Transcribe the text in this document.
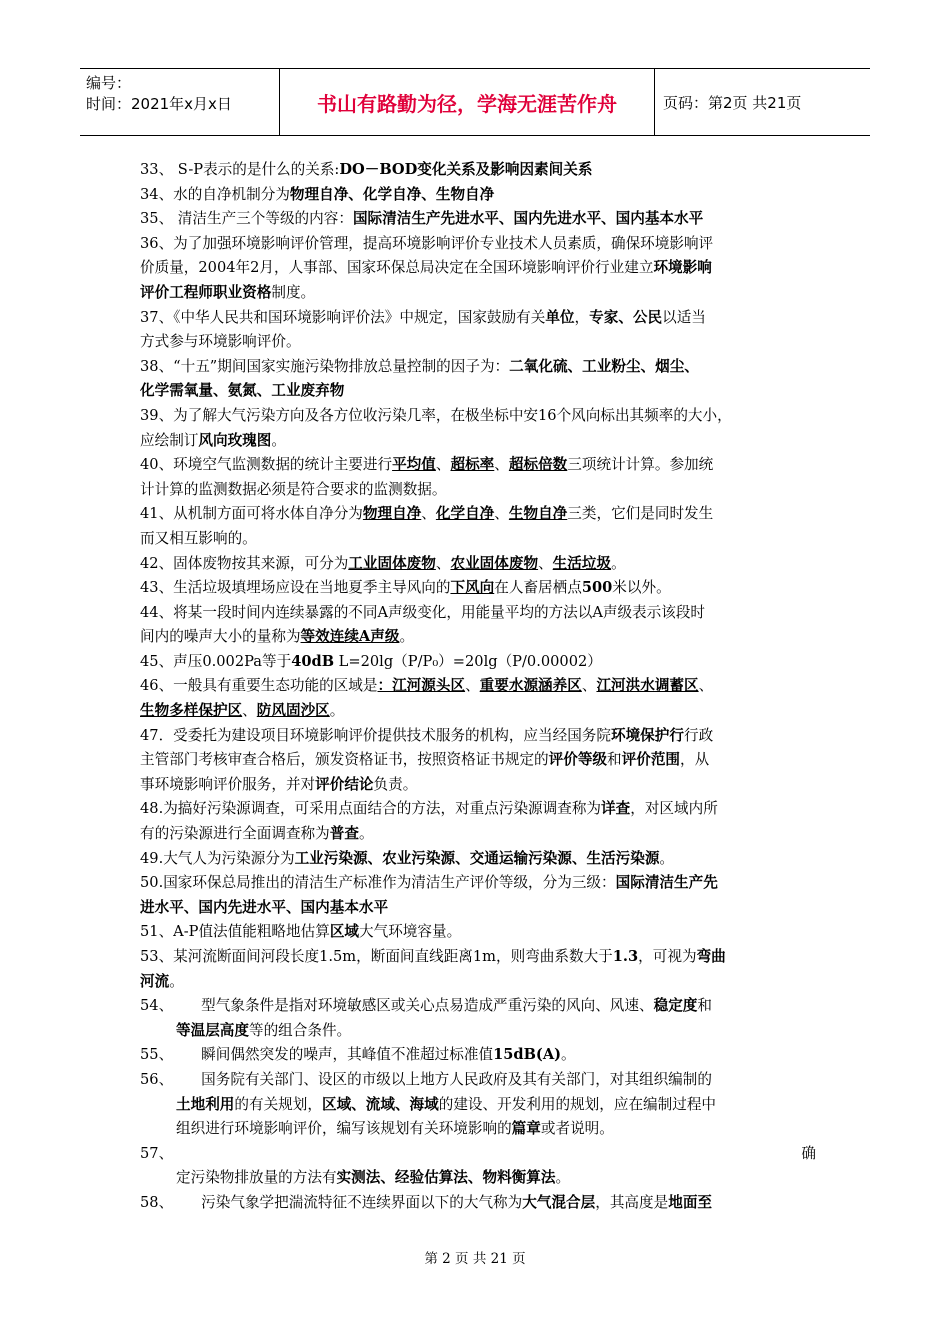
编号：
时间：2021年x月x日	书山有路勤为径，学海无涯苦作舟	页码：第2页 共21页

33、 S-P表示的是什么的关系:DO－BOD变化关系及影响因素间关系

34、水的自净机制分为物理自净、化学自净、生物自净

35、 清洁生产三个等级的内容：国际清洁生产先进水平、国内先进水平、国内基本水平

36、为了加强环境影响评价管理，提高环境影响评价专业技术人员素质，确保环境影响评

价质量，2004年2月，人事部、国家环保总局决定在全国环境影响评价行业建立环境影响

评价工程师职业资格制度。

37、《中华人民共和国环境影响评价法》中规定，国家鼓励有关单位，专家、公民以适当

方式参与环境影响评价。

38、“十五”期间国家实施污染物排放总量控制的因子为：二氧化硫、工业粉尘、烟尘、

化学需氧量、氨氮、工业废弃物

39、为了解大气污染方向及各方位收污染几率，在极坐标中安16个风向标出其频率的大小，

应绘制订风向玫瑰图。

40、环境空气监测数据的统计主要进行平均值、超标率、超标倍数三项统计计算。参加统

计计算的监测数据必须是符合要求的监测数据。

41、从机制方面可将水体自净分为物理自净、化学自净、生物自净三类，它们是同时发生

而又相互影响的。

42、固体废物按其来源，可分为工业固体废物、农业固体废物、生活垃圾。

43、生活垃圾填埋场应设在当地夏季主导风向的下风向在人畜居栖点500米以外。

44、将某一段时间内连续暴露的不同A声级变化，用能量平均的方法以A声级表示该段时

间内的噪声大小的量称为等效连续A声级。

45、声压0.002Pa等于40dB L=20lg（P/P₀）=20lg（P/0.00002）

46、一般具有重要生态功能的区域是：江河源头区、重要水源涵养区、江河洪水调蓄区、

生物多样保护区、防风固沙区。

47．受委托为建设项目环境影响评价提供技术服务的机构，应当经国务院环境保护行行政

主管部门考核审查合格后，颁发资格证书，按照资格证书规定的评价等级和评价范围，从

事环境影响评价服务，并对评价结论负责。

48.为搞好污染源调查，可采用点面结合的方法，对重点污染源调查称为详查，对区域内所

有的污染源进行全面调查称为普查。

49.大气人为污染源分为工业污染源、农业污染源、交通运输污染源、生活污染源。

50.国家环保总局推出的清洁生产标准作为清洁生产评价等级，分为三级：国际清洁生产先

进水平、国内先进水平、国内基本水平

51、A-P值法值能粗略地估算区域大气环境容量。

53、某河流断面间河段长度1.5m，断面间直线距离1m，则弯曲系数大于1.3，可视为弯曲

河流。

54、 型气象条件是指对环境敏感区或关心点易造成严重污染的风向、风速、稳定度和

等温层高度等的组合条件。

55、 瞬间偶然突发的噪声，其峰值不准超过标准值15dB(A)。

56、 国务院有关部门、设区的市级以上地方人民政府及其有关部门，对其组织编制的

土地利用的有关规划，区域、流域、海域的建设、开发利用的规划，应在编制过程中

组织进行环境影响评价，编写该规划有关环境影响的篇章或者说明。

57、	确

定污染物排放量的方法有实测法、经验估算法、物料衡算法。

58、 污染气象学把湍流特征不连续界面以下的大气称为大气混合层，其高度是地面至

第 2 页 共 21 页
